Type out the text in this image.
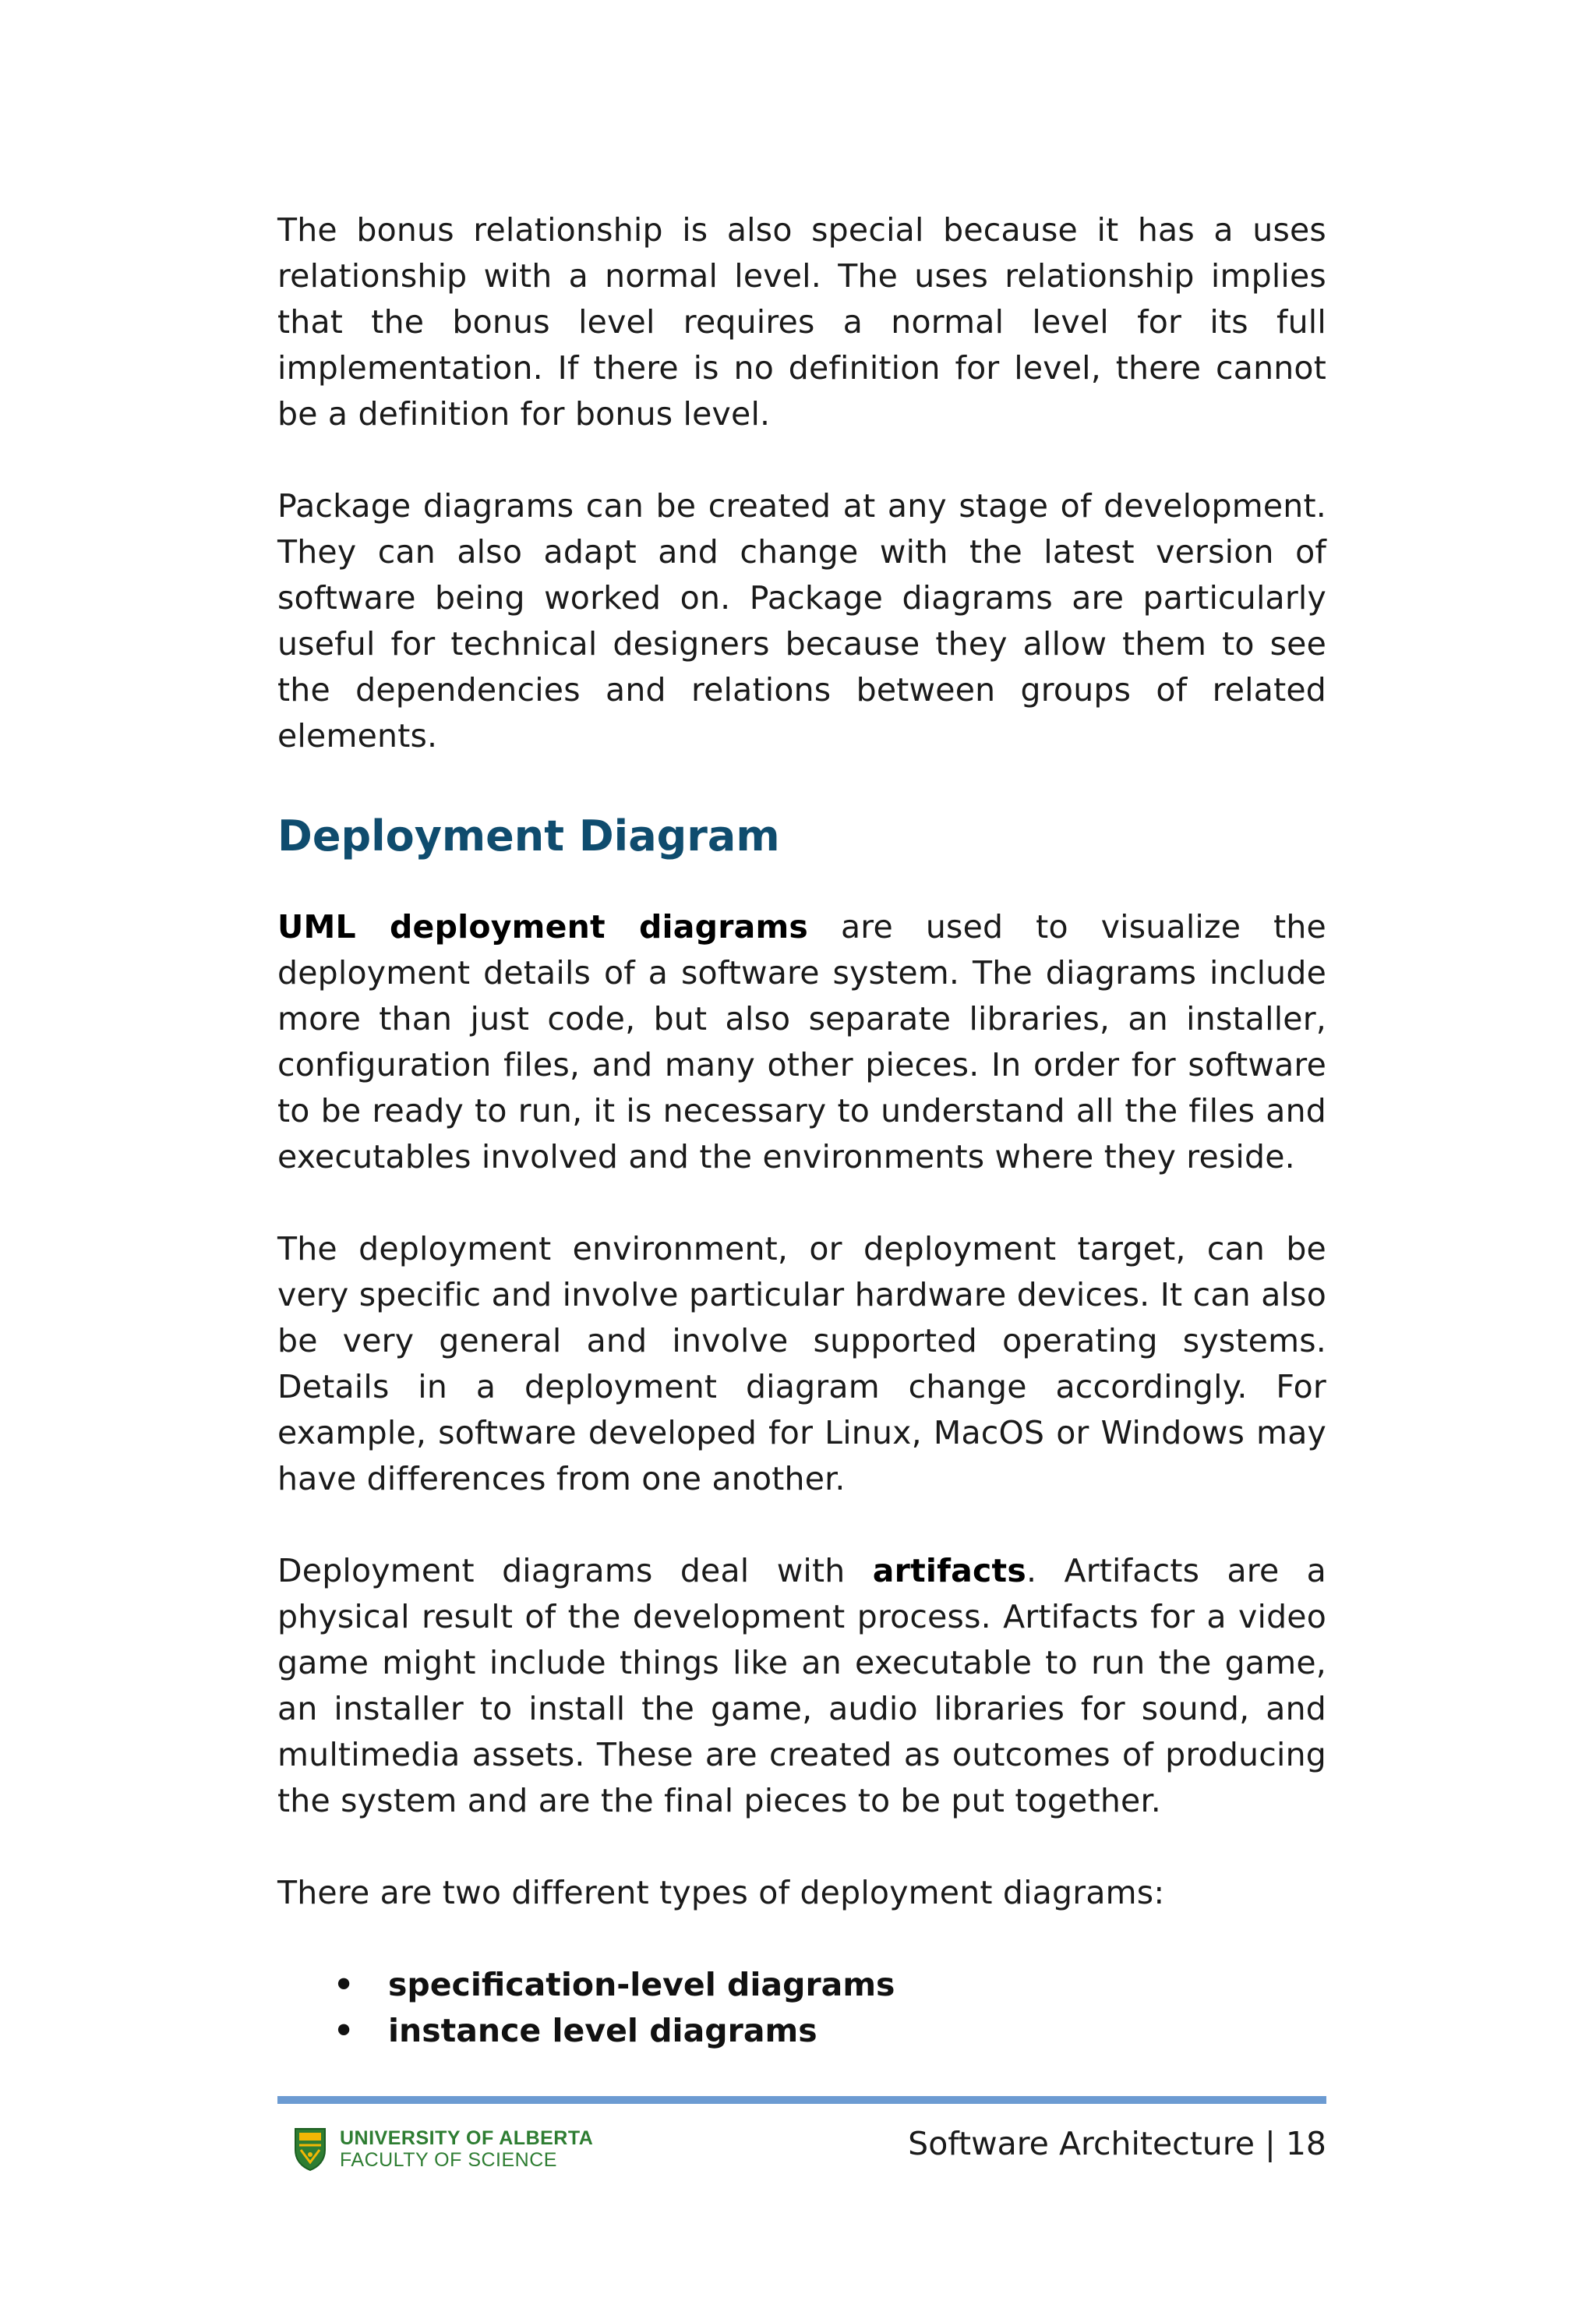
The bonus relationship is also special because it has a uses relationship with a normal level. The uses relationship implies that the bonus level requires a normal level for its full implementation. If there is no definition for level, there cannot be a definition for bonus level.

Package diagrams can be created at any stage of development. They can also adapt and change with the latest version of software being worked on. Package diagrams are particularly useful for technical designers because they allow them to see the dependencies and relations between groups of related elements.

Deployment Diagram

UML deployment diagrams are used to visualize the deployment details of a software system. The diagrams include more than just code, but also separate libraries, an installer, configuration files, and many other pieces. In order for software to be ready to run, it is necessary to understand all the files and executables involved and the environments where they reside.

The deployment environment, or deployment target, can be very specific and involve particular hardware devices. It can also be very general and involve supported operating systems. Details in a deployment diagram change accordingly. For example, software developed for Linux, MacOS or Windows may have differences from one another.

Deployment diagrams deal with artifacts. Artifacts are a physical result of the development process. Artifacts for a video game might include things like an executable to run the game, an installer to install the game, audio libraries for sound, and multimedia assets. These are created as outcomes of producing the system and are the final pieces to be put together.

There are two different types of deployment diagrams:

• specification-level diagrams
• instance level diagrams
UNIVERSITY OF ALBERTA
FACULTY OF SCIENCE	Software Architecture | 18
